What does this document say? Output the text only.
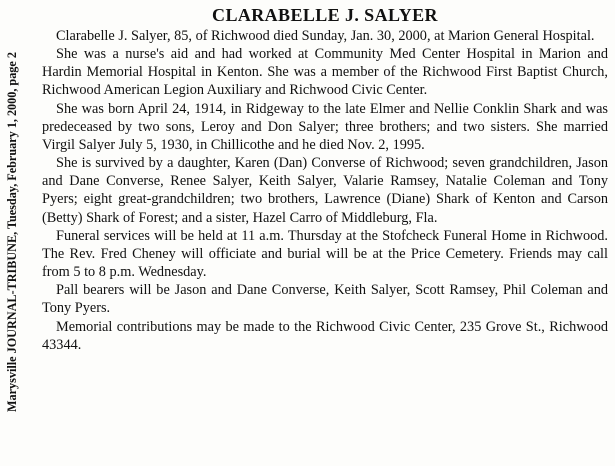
Marysville JOURNAL-TRIBUNE, Tuesday, February 1, 2000, page 2
CLARABELLE J. SALYER

Clarabelle J. Salyer, 85, of Richwood died Sunday, Jan. 30, 2000, at Marion General Hospital.

She was a nurse's aid and had worked at Community Med Center Hospital in Marion and Hardin Memorial Hospital in Kenton. She was a member of the Richwood First Baptist Church, Richwood American Legion Auxiliary and Richwood Civic Center.

She was born April 24, 1914, in Ridgeway to the late Elmer and Nellie Conklin Shark and was predeceased by two sons, Leroy and Don Salyer; three brothers; and two sisters. She married Virgil Salyer July 5, 1930, in Chillicothe and he died Nov. 2, 1995.

She is survived by a daughter, Karen (Dan) Converse of Richwood; seven grandchildren, Jason and Dane Converse, Renee Salyer, Keith Salyer, Valarie Ramsey, Natalie Coleman and Tony Pyers; eight great-grandchildren; two brothers, Lawrence (Diane) Shark of Kenton and Carson (Betty) Shark of Forest; and a sister, Hazel Carro of Middleburg, Fla.

Funeral services will be held at 11 a.m. Thursday at the Stofcheck Funeral Home in Richwood. The Rev. Fred Cheney will officiate and burial will be at the Price Cemetery. Friends may call from 5 to 8 p.m. Wednesday.

Pall bearers will be Jason and Dane Converse, Keith Salyer, Scott Ramsey, Phil Coleman and Tony Pyers.

Memorial contributions may be made to the Richwood Civic Center, 235 Grove St., Richwood 43344.
